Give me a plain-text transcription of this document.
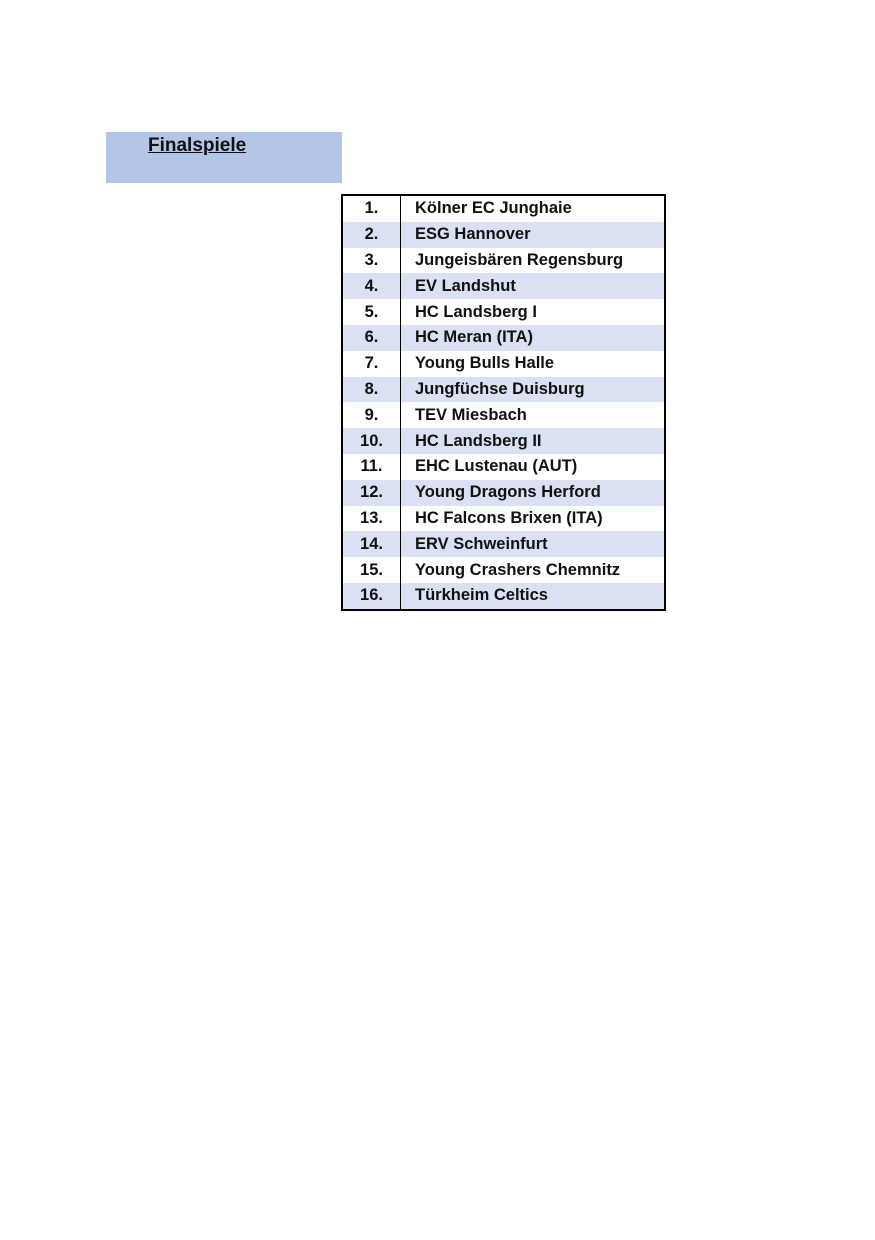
Finalspiele
1.	Kölner EC Junghaie
2.	ESG Hannover
3.	Jungeisbären Regensburg
4.	EV Landshut
5.	HC Landsberg I
6.	HC Meran (ITA)
7.	Young Bulls Halle
8.	Jungfüchse Duisburg
9.	TEV Miesbach
10.	HC Landsberg II
11.	EHC Lustenau (AUT)
12.	Young Dragons Herford
13.	HC Falcons Brixen (ITA)
14.	ERV Schweinfurt
15.	Young Crashers Chemnitz
16.	Türkheim Celtics
